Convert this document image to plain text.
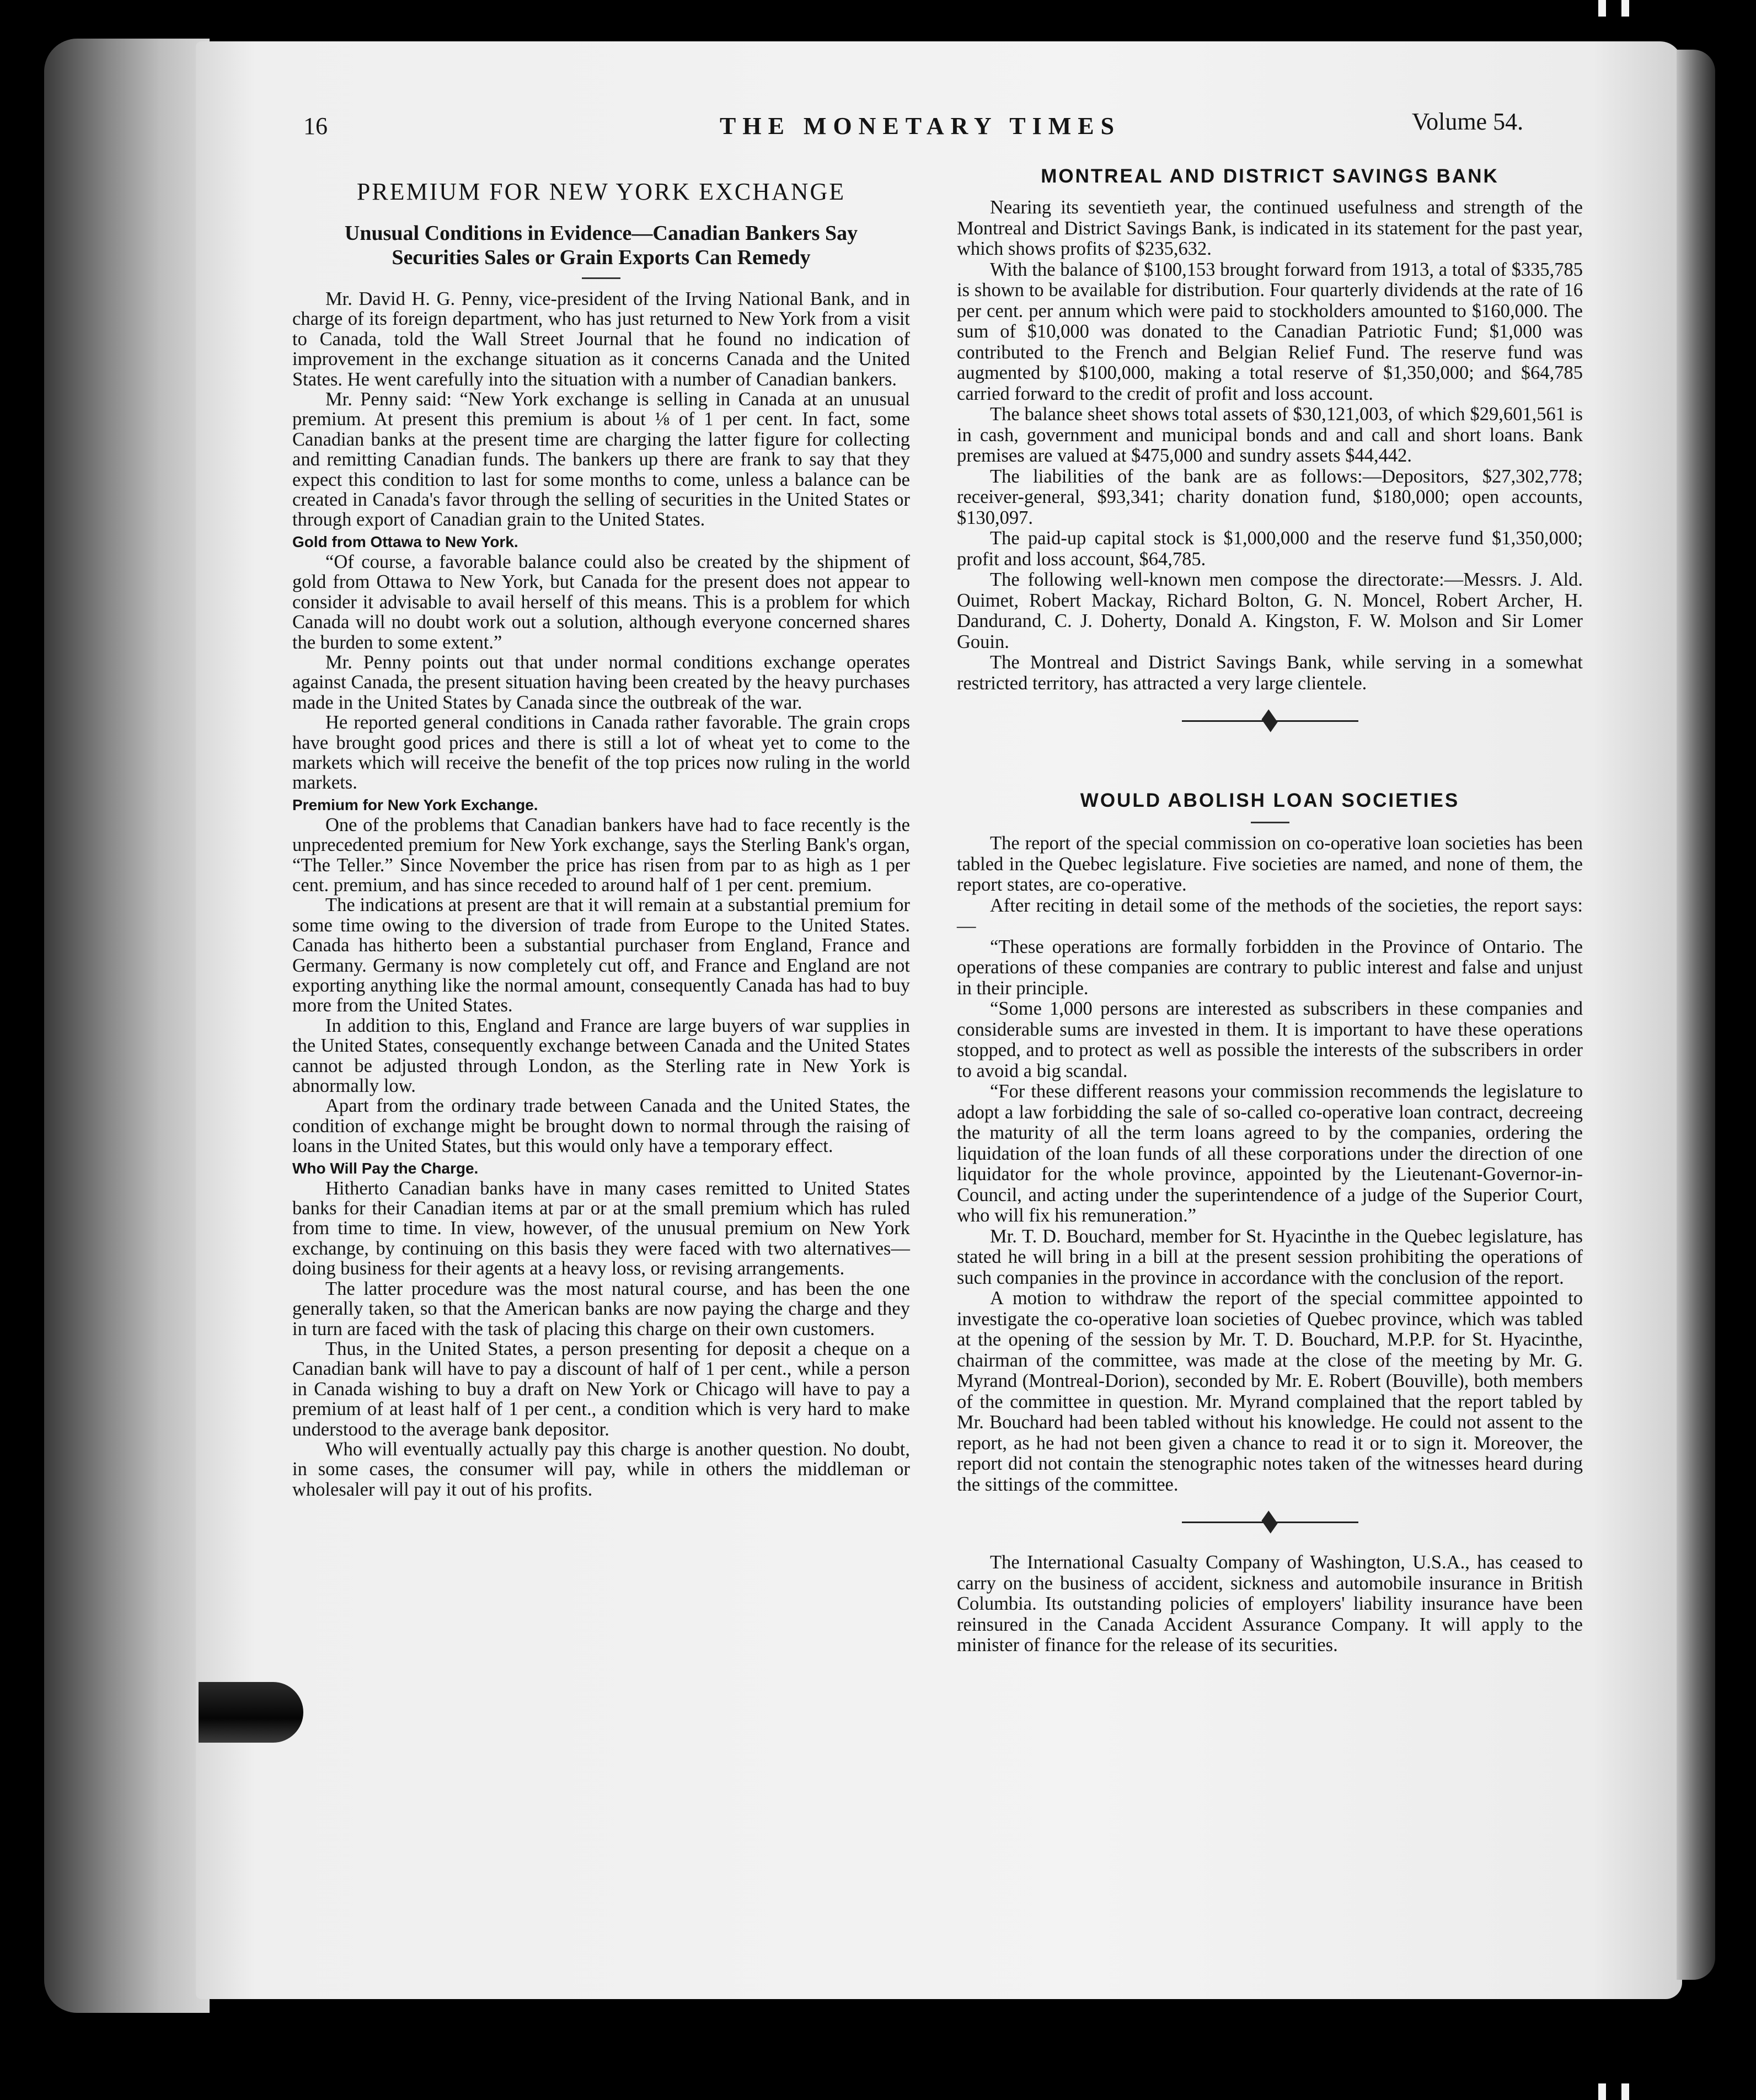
16	THE MONETARY TIMES	Volume 54.
PREMIUM FOR NEW YORK EXCHANGE
Unusual Conditions in Evidence—Canadian Bankers Say Securities Sales or Grain Exports Can Remedy

Mr. David H. G. Penny, vice-president of the Irving National Bank, and in charge of its foreign department, who has just returned to New York from a visit to Canada, told the Wall Street Journal that he found no indication of improvement in the exchange situation as it concerns Canada and the United States. He went carefully into the situation with a number of Canadian bankers.

Mr. Penny said: “New York exchange is selling in Canada at an unusual premium. At present this premium is about ⅛ of 1 per cent. In fact, some Canadian banks at the present time are charging the latter figure for collecting and remitting Canadian funds. The bankers up there are frank to say that they expect this condition to last for some months to come, unless a balance can be created in Canada's favor through the selling of securities in the United States or through export of Canadian grain to the United States.

Gold from Ottawa to New York.

“Of course, a favorable balance could also be created by the shipment of gold from Ottawa to New York, but Canada for the present does not appear to consider it advisable to avail herself of this means. This is a problem for which Canada will no doubt work out a solution, although everyone concerned shares the burden to some extent.”

Mr. Penny points out that under normal conditions exchange operates against Canada, the present situation having been created by the heavy purchases made in the United States by Canada since the outbreak of the war.

He reported general conditions in Canada rather favorable. The grain crops have brought good prices and there is still a lot of wheat yet to come to the markets which will receive the benefit of the top prices now ruling in the world markets.

Premium for New York Exchange.

One of the problems that Canadian bankers have had to face recently is the unprecedented premium for New York exchange, says the Sterling Bank's organ, “The Teller.” Since November the price has risen from par to as high as 1 per cent. premium, and has since receded to around half of 1 per cent. premium.

The indications at present are that it will remain at a substantial premium for some time owing to the diversion of trade from Europe to the United States. Canada has hitherto been a substantial purchaser from England, France and Germany. Germany is now completely cut off, and France and England are not exporting anything like the normal amount, consequently Canada has had to buy more from the United States.

In addition to this, England and France are large buyers of war supplies in the United States, consequently exchange between Canada and the United States cannot be adjusted through London, as the Sterling rate in New York is abnormally low.

Apart from the ordinary trade between Canada and the United States, the condition of exchange might be brought down to normal through the raising of loans in the United States, but this would only have a temporary effect.

Who Will Pay the Charge.

Hitherto Canadian banks have in many cases remitted to United States banks for their Canadian items at par or at the small premium which has ruled from time to time. In view, however, of the unusual premium on New York exchange, by continuing on this basis they were faced with two alternatives—doing business for their agents at a heavy loss, or revising arrangements.

The latter procedure was the most natural course, and has been the one generally taken, so that the American banks are now paying the charge and they in turn are faced with the task of placing this charge on their own customers.

Thus, in the United States, a person presenting for deposit a cheque on a Canadian bank will have to pay a discount of half of 1 per cent., while a person in Canada wishing to buy a draft on New York or Chicago will have to pay a premium of at least half of 1 per cent., a condition which is very hard to make understood to the average bank depositor.

Who will eventually actually pay this charge is another question. No doubt, in some cases, the consumer will pay, while in others the middleman or wholesaler will pay it out of his profits.

MONTREAL AND DISTRICT SAVINGS BANK

Nearing its seventieth year, the continued usefulness and strength of the Montreal and District Savings Bank, is indicated in its statement for the past year, which shows profits of $235,632.

With the balance of $100,153 brought forward from 1913, a total of $335,785 is shown to be available for distribution. Four quarterly dividends at the rate of 16 per cent. per annum which were paid to stockholders amounted to $160,000. The sum of $10,000 was donated to the Canadian Patriotic Fund; $1,000 was contributed to the French and Belgian Relief Fund. The reserve fund was augmented by $100,000, making a total reserve of $1,350,000; and $64,785 carried forward to the credit of profit and loss account.

The balance sheet shows total assets of $30,121,003, of which $29,601,561 is in cash, government and municipal bonds and and call and short loans. Bank premises are valued at $475,000 and sundry assets $44,442.

The liabilities of the bank are as follows:—Depositors, $27,302,778; receiver-general, $93,341; charity donation fund, $180,000; open accounts, $130,097.

The paid-up capital stock is $1,000,000 and the reserve fund $1,350,000; profit and loss account, $64,785.

The following well-known men compose the directorate:—Messrs. J. Ald. Ouimet, Robert Mackay, Richard Bolton, G. N. Moncel, Robert Archer, H. Dandurand, C. J. Doherty, Donald A. Kingston, F. W. Molson and Sir Lomer Gouin.

The Montreal and District Savings Bank, while serving in a somewhat restricted territory, has attracted a very large clientele.

WOULD ABOLISH LOAN SOCIETIES

The report of the special commission on co-operative loan societies has been tabled in the Quebec legislature. Five societies are named, and none of them, the report states, are co-operative.

After reciting in detail some of the methods of the societies, the report says:—

“These operations are formally forbidden in the Province of Ontario. The operations of these companies are contrary to public interest and false and unjust in their principle.

“Some 1,000 persons are interested as subscribers in these companies and considerable sums are invested in them. It is important to have these operations stopped, and to protect as well as possible the interests of the subscribers in order to avoid a big scandal.

“For these different reasons your commission recommends the legislature to adopt a law forbidding the sale of so-called co-operative loan contract, decreeing the maturity of all the term loans agreed to by the companies, ordering the liquidation of the loan funds of all these corporations under the direction of one liquidator for the whole province, appointed by the Lieutenant-Governor-in-Council, and acting under the superintendence of a judge of the Superior Court, who will fix his remuneration.”

Mr. T. D. Bouchard, member for St. Hyacinthe in the Quebec legislature, has stated he will bring in a bill at the present session prohibiting the operations of such companies in the province in accordance with the conclusion of the report.

A motion to withdraw the report of the special committee appointed to investigate the co-operative loan societies of Quebec province, which was tabled at the opening of the session by Mr. T. D. Bouchard, M.P.P. for St. Hyacinthe, chairman of the committee, was made at the close of the meeting by Mr. G. Myrand (Montreal-Dorion), seconded by Mr. E. Robert (Bouville), both members of the committee in question. Mr. Myrand complained that the report tabled by Mr. Bouchard had been tabled without his knowledge. He could not assent to the report, as he had not been given a chance to read it or to sign it. Moreover, the report did not contain the stenographic notes taken of the witnesses heard during the sittings of the committee.

The International Casualty Company of Washington, U.S.A., has ceased to carry on the business of accident, sickness and automobile insurance in British Columbia. Its outstanding policies of employers' liability insurance have been reinsured in the Canada Accident Assurance Company. It will apply to the minister of finance for the release of its securities.
